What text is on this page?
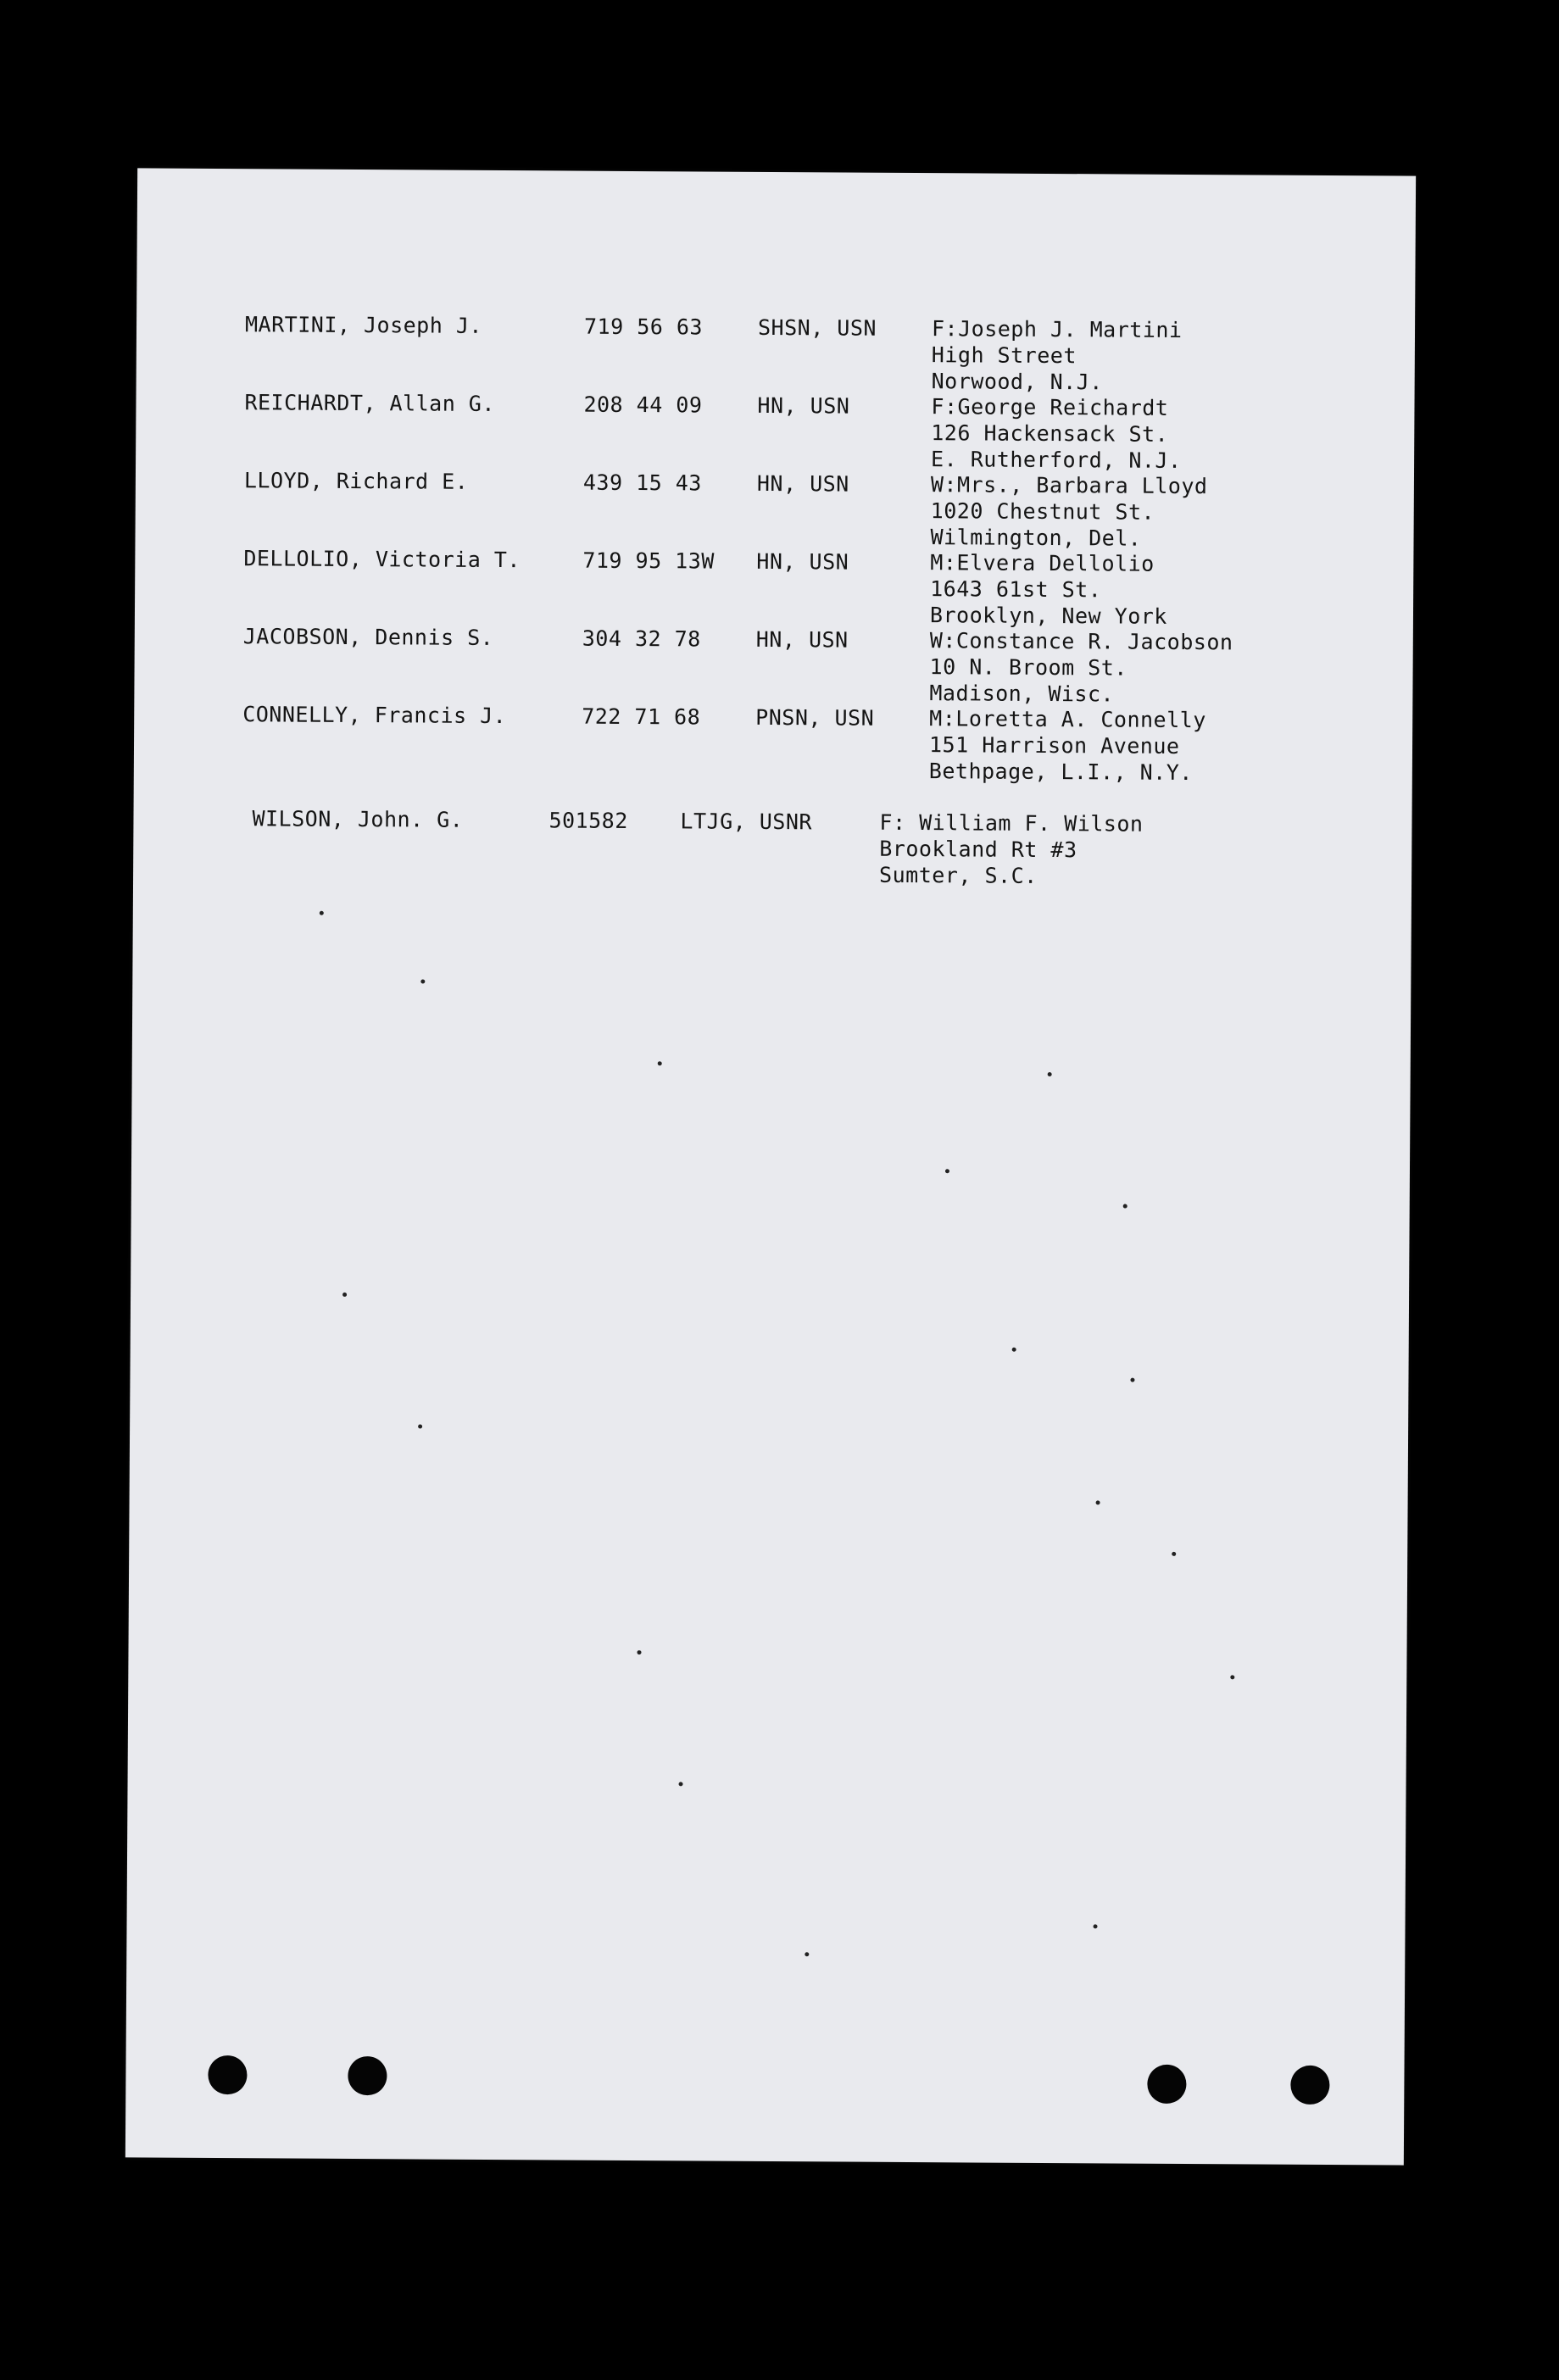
​
MARTINI, Joseph J.	719 56 63	SHSN, USN	F:Joseph J. Martini
High Street
Norwood, N.J.
REICHARDT, Allan G.	208 44 09	HN, USN	F:George Reichardt
126 Hackensack St.
E. Rutherford, N.J.
LLOYD, Richard E.	439 15 43	HN, USN	W:Mrs., Barbara Lloyd
1020 Chestnut St.
Wilmington, Del.
DELLOLIO, Victoria T.	719 95 13W HN, USN	M:Elvera Dellolio
1643 61st St.
Brooklyn, New York
JACOBSON, Dennis S.	304 32 78	HN, USN	W:Constance R. Jacobson
10 N. Broom St.
Madison, Wisc.
CONNELLY, Francis J.	722 71 68	PNSN, USN	M:Loretta A. Connelly
151 Harrison Avenue
Bethpage, L.I., N.Y.
WILSON, John. G.	501582 LTJG, USNR	F: William F. Wilson
Brookland Rt #3
Sumter, S.C.
